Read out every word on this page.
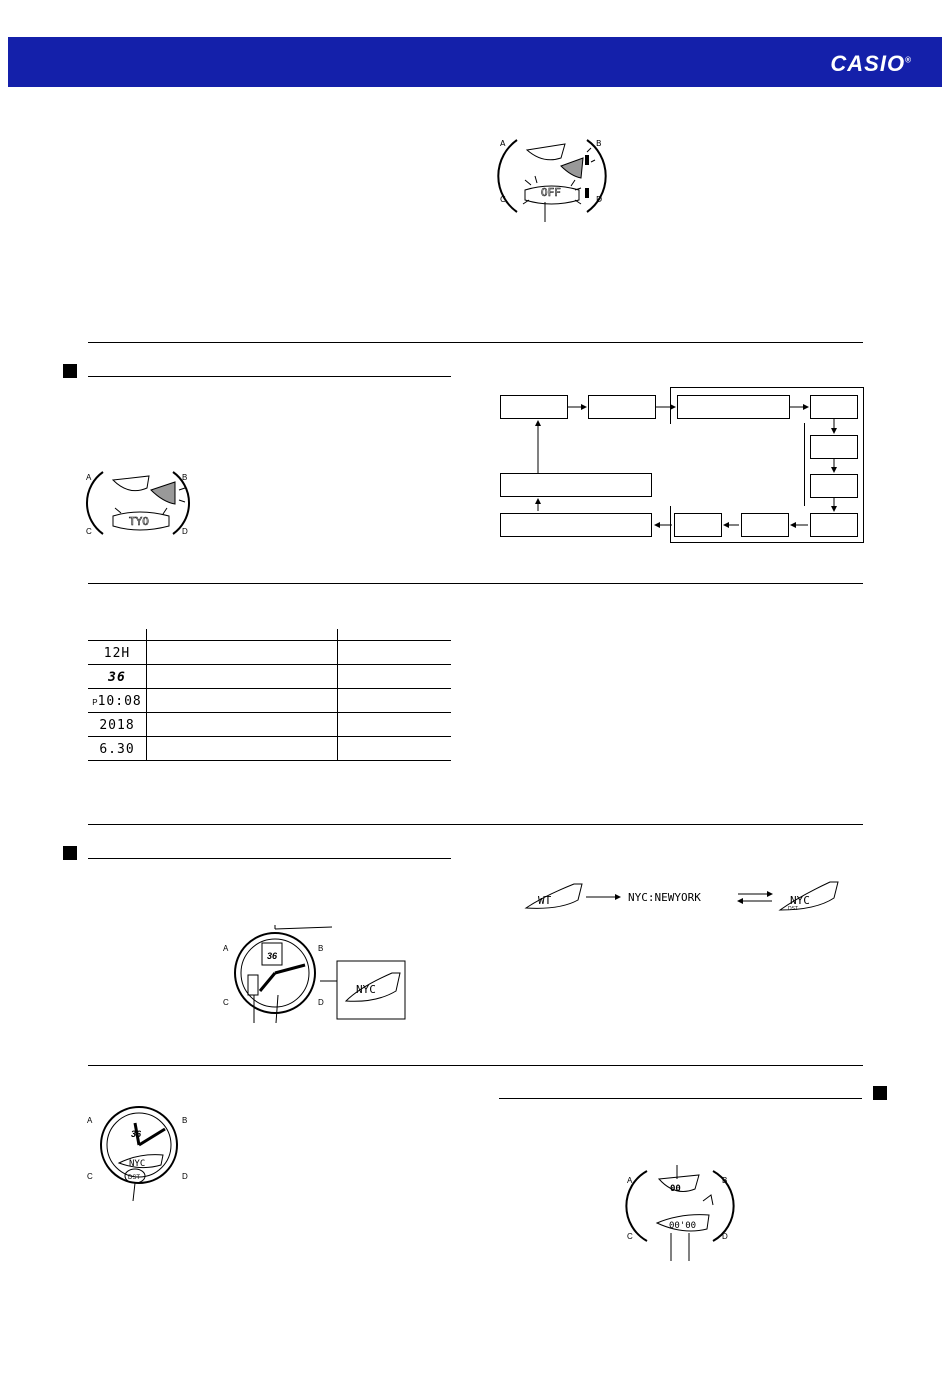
CASIO®
OFF
A	B
C	D
TYO
A	B
C	D

12H		
36		
P10:08		
2018		
6.30		
WT	NYC:NEWYORK	NYC
DST
36
NYC
A	B
C	D
36
NYC
DST
A	B
C	D
00
00'00
A	B
C	D
